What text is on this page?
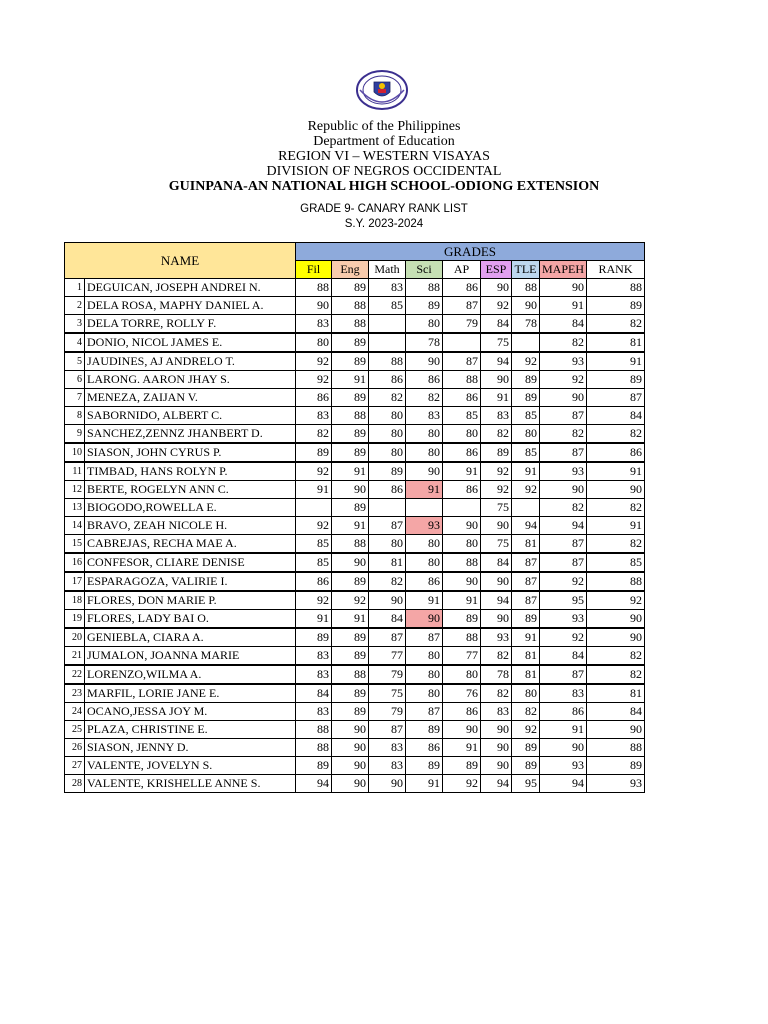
Republic of the Philippines

Department of Education

REGION VI – WESTERN VISAYAS

DIVISION OF NEGROS OCCIDENTAL

GUINPANA-AN NATIONAL HIGH SCHOOL-ODIONG EXTENSION

GRADE 9- CANARY RANK LIST
S.Y. 2023-2024
NAME		GRADES								
		Fil	Eng	Math	Sci	AP	ESP	TLE	MAPEH	RANK
1	DEGUICAN, JOSEPH ANDREI N.	88	89	83	88	86	90	88	90	88
2	DELA ROSA, MAPHY DANIEL A.	90	88	85	89	87	92	90	91	89
3	DELA TORRE, ROLLY F.	83	88		80	79	84	78	84	82
4	DONIO, NICOL JAMES E.	80	89		78		75		82	81
5	JAUDINES, AJ ANDRELO T.	92	89	88	90	87	94	92	93	91
6	LARONG. AARON JHAY S.	92	91	86	86	88	90	89	92	89
7	MENEZA, ZAIJAN V.	86	89	82	82	86	91	89	90	87
8	SABORNIDO, ALBERT C.	83	88	80	83	85	83	85	87	84
9	SANCHEZ,ZENNZ JHANBERT D.	82	89	80	80	80	82	80	82	82
10	SIASON, JOHN CYRUS P.	89	89	80	80	86	89	85	87	86
11	TIMBAD, HANS ROLYN P.	92	91	89	90	91	92	91	93	91
12	BERTE, ROGELYN ANN C.	91	90	86	91	86	92	92	90	90
13	BIOGODO,ROWELLA E.		89				75		82	82
14	BRAVO, ZEAH NICOLE H.	92	91	87	93	90	90	94	94	91
15	CABREJAS, RECHA MAE A.	85	88	80	80	80	75	81	87	82
16	CONFESOR, CLIARE DENISE	85	90	81	80	88	84	87	87	85
17	ESPARAGOZA, VALIRIE I.	86	89	82	86	90	90	87	92	88
18	FLORES, DON MARIE P.	92	92	90	91	91	94	87	95	92
19	FLORES, LADY BAI O.	91	91	84	90	89	90	89	93	90
20	GENIEBLA, CIARA A.	89	89	87	87	88	93	91	92	90
21	JUMALON, JOANNA MARIE	83	89	77	80	77	82	81	84	82
22	LORENZO,WILMA A.	83	88	79	80	80	78	81	87	82
23	MARFIL, LORIE JANE E.	84	89	75	80	76	82	80	83	81
24	OCANO,JESSA JOY M.	83	89	79	87	86	83	82	86	84
25	PLAZA, CHRISTINE E.	88	90	87	89	90	90	92	91	90
26	SIASON, JENNY D.	88	90	83	86	91	90	89	90	88
27	VALENTE, JOVELYN S.	89	90	83	89	89	90	89	93	89
28	VALENTE, KRISHELLE ANNE S.	94	90	90	91	92	94	95	94	93
